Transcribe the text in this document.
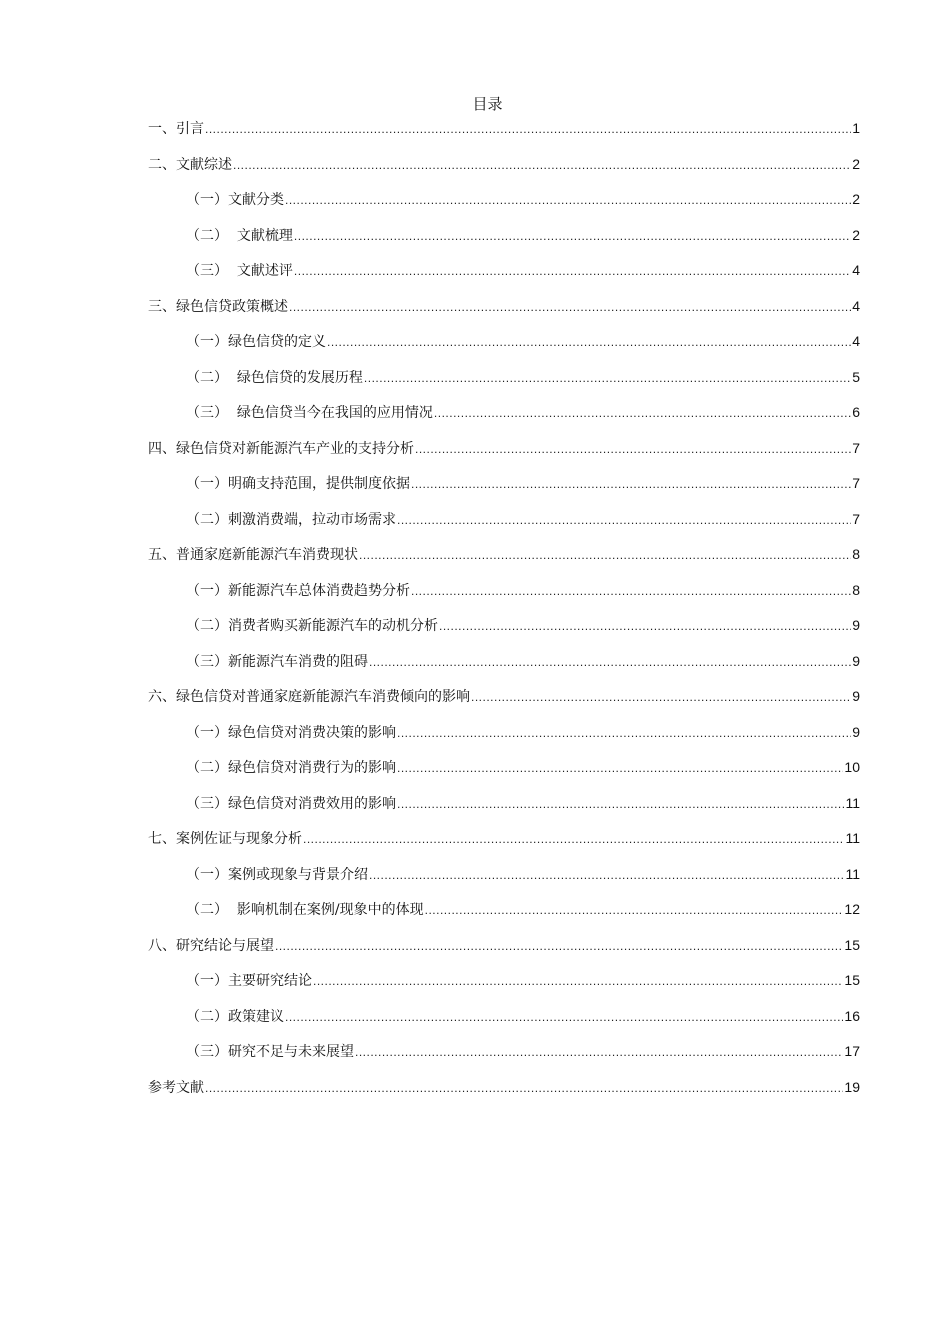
目录
一、引言 .....	1
二、文献综述 .....	2
（一）文献分类 .....	2
（二）  文献梳理 .....	2
（三）  文献述评 .....	4
三、绿色信贷政策概述 .....	4
（一）绿色信贷的定义 .....	4
（二）  绿色信贷的发展历程 .....	5
（三）  绿色信贷当今在我国的应用情况 .....	6
四、绿色信贷对新能源汽车产业的支持分析 .....	7
（一）明确支持范围，提供制度依据 .....	7
（二）刺激消费端，拉动市场需求 .....	7
五、普通家庭新能源汽车消费现状 .....	8
（一）新能源汽车总体消费趋势分析 .....	8
（二）消费者购买新能源汽车的动机分析 .....	9
（三）新能源汽车消费的阻碍 .....	9
六、绿色信贷对普通家庭新能源汽车消费倾向的影响 .....	9
（一）绿色信贷对消费决策的影响 .....	9
（二）绿色信贷对消费行为的影响 .....	10
（三）绿色信贷对消费效用的影响 .....	11
七、案例佐证与现象分析 .....	11
（一）案例或现象与背景介绍 .....	11
（二）  影响机制在案例/现象中的体现 .....	12
八、研究结论与展望 .....	15
（一）主要研究结论 .....	15
（二）政策建议 .....	16
（三）研究不足与未来展望 .....	17
参考文献 .....	19
